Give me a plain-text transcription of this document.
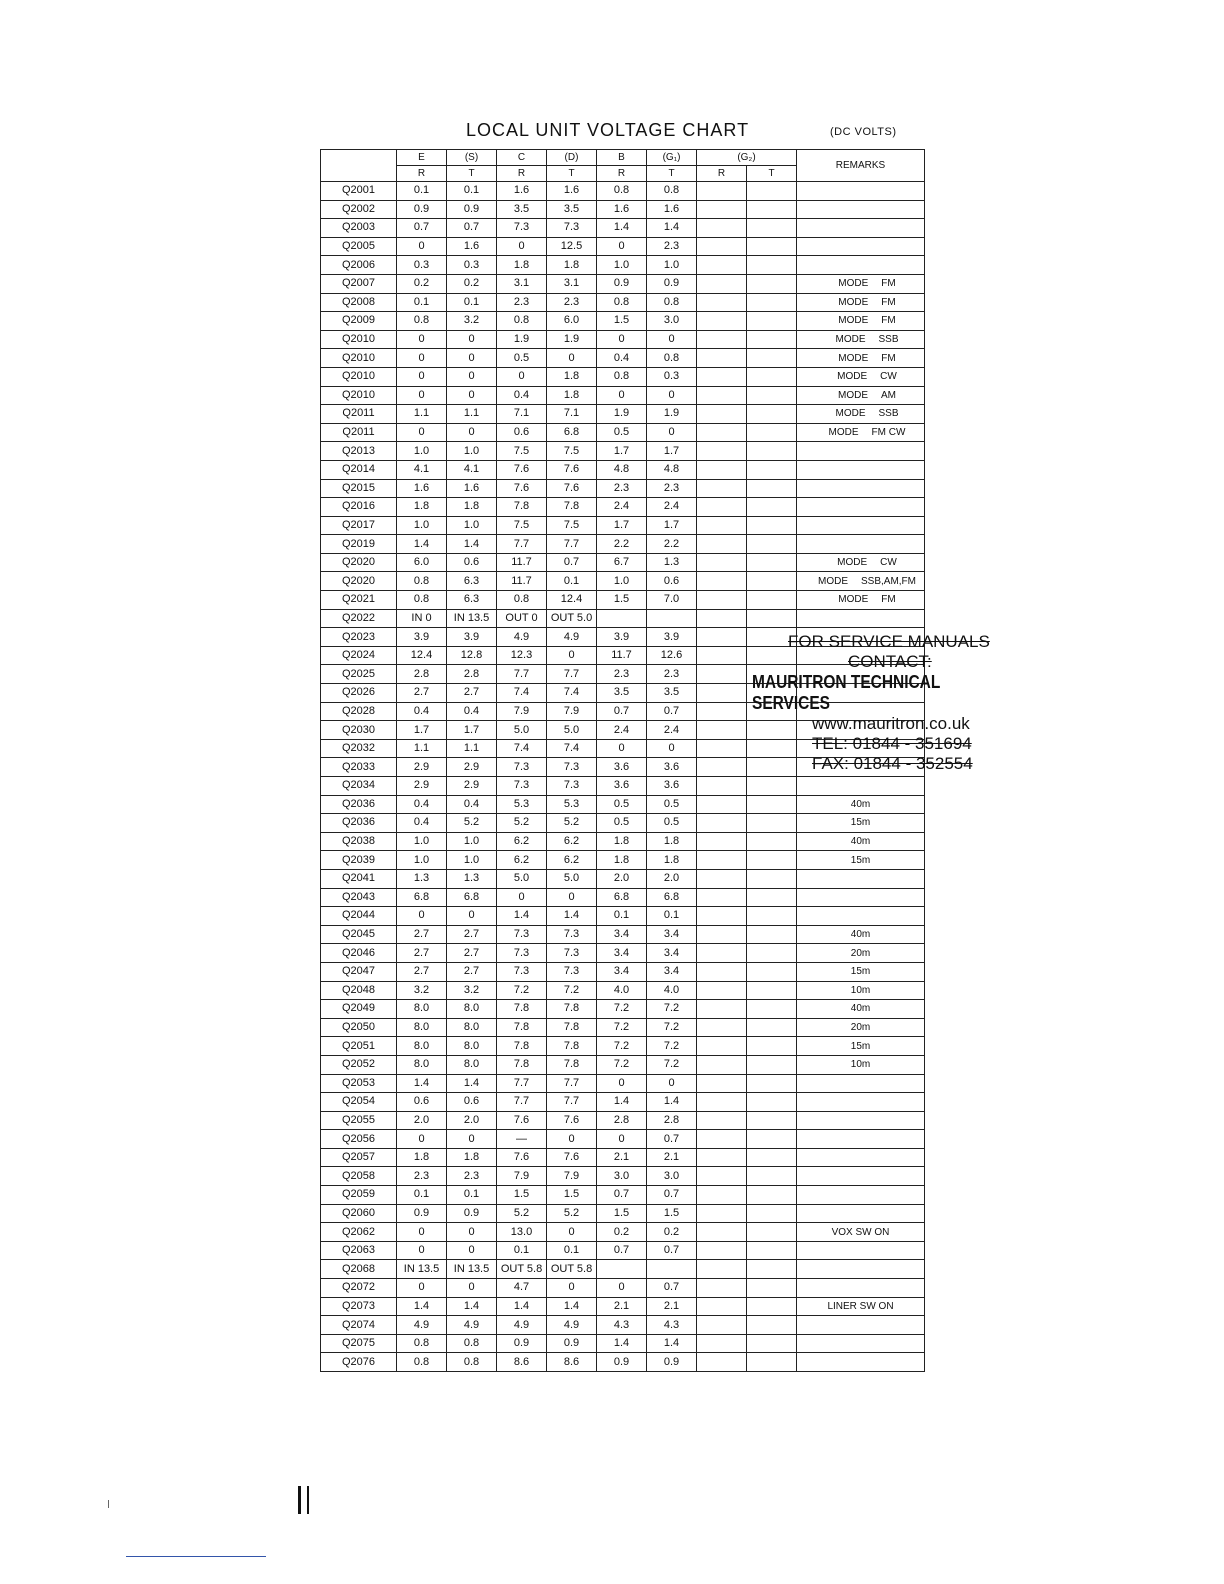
LOCAL UNIT VOLTAGE CHART	(DC VOLTS)
	E	(S)	C	(D)	B	(G₁)	(G₂)		REMARKS
	R	T	R	T	R	T	R	T	
Q2001	0.1	0.1	1.6	1.6	0.8	0.8			
Q2002	0.9	0.9	3.5	3.5	1.6	1.6			
Q2003	0.7	0.7	7.3	7.3	1.4	1.4			
Q2005	0	1.6	0	12.5	0	2.3			
Q2006	0.3	0.3	1.8	1.8	1.0	1.0			
Q2007	0.2	0.2	3.1	3.1	0.9	0.9			MODE FM
Q2008	0.1	0.1	2.3	2.3	0.8	0.8			MODE FM
Q2009	0.8	3.2	0.8	6.0	1.5	3.0			MODE FM
Q2010	0	0	1.9	1.9	0	0			MODE SSB
Q2010	0	0	0.5	0	0.4	0.8			MODE FM
Q2010	0	0	0	1.8	0.8	0.3			MODE CW
Q2010	0	0	0.4	1.8	0	0			MODE AM
Q2011	1.1	1.1	7.1	7.1	1.9	1.9			MODE SSB
Q2011	0	0	0.6	6.8	0.5	0			MODE FM CW
Q2013	1.0	1.0	7.5	7.5	1.7	1.7			
Q2014	4.1	4.1	7.6	7.6	4.8	4.8			
Q2015	1.6	1.6	7.6	7.6	2.3	2.3			
Q2016	1.8	1.8	7.8	7.8	2.4	2.4			
Q2017	1.0	1.0	7.5	7.5	1.7	1.7			
Q2019	1.4	1.4	7.7	7.7	2.2	2.2			
Q2020	6.0	0.6	11.7	0.7	6.7	1.3			MODE CW
Q2020	0.8	6.3	11.7	0.1	1.0	0.6			MODE SSB,AM,FM
Q2021	0.8	6.3	0.8	12.4	1.5	7.0			MODE FM
Q2022	IN 0	IN 13.5	OUT 0	OUT 5.0					
Q2023	3.9	3.9	4.9	4.9	3.9	3.9			
Q2024	12.4	12.8	12.3	0	11.7	12.6			
Q2025	2.8	2.8	7.7	7.7	2.3	2.3			
Q2026	2.7	2.7	7.4	7.4	3.5	3.5			
Q2028	0.4	0.4	7.9	7.9	0.7	0.7			
Q2030	1.7	1.7	5.0	5.0	2.4	2.4			
Q2032	1.1	1.1	7.4	7.4	0	0			
Q2033	2.9	2.9	7.3	7.3	3.6	3.6			
Q2034	2.9	2.9	7.3	7.3	3.6	3.6			
Q2036	0.4	0.4	5.3	5.3	0.5	0.5			40m
Q2036	0.4	5.2	5.2	5.2	0.5	0.5			15m
Q2038	1.0	1.0	6.2	6.2	1.8	1.8			40m
Q2039	1.0	1.0	6.2	6.2	1.8	1.8			15m
Q2041	1.3	1.3	5.0	5.0	2.0	2.0			
Q2043	6.8	6.8	0	0	6.8	6.8			
Q2044	0	0	1.4	1.4	0.1	0.1			
Q2045	2.7	2.7	7.3	7.3	3.4	3.4			40m
Q2046	2.7	2.7	7.3	7.3	3.4	3.4			20m
Q2047	2.7	2.7	7.3	7.3	3.4	3.4			15m
Q2048	3.2	3.2	7.2	7.2	4.0	4.0			10m
Q2049	8.0	8.0	7.8	7.8	7.2	7.2			40m
Q2050	8.0	8.0	7.8	7.8	7.2	7.2			20m
Q2051	8.0	8.0	7.8	7.8	7.2	7.2			15m
Q2052	8.0	8.0	7.8	7.8	7.2	7.2			10m
Q2053	1.4	1.4	7.7	7.7	0	0			
Q2054	0.6	0.6	7.7	7.7	1.4	1.4			
Q2055	2.0	2.0	7.6	7.6	2.8	2.8			
Q2056	0	0	—	0	0	0.7			
Q2057	1.8	1.8	7.6	7.6	2.1	2.1			
Q2058	2.3	2.3	7.9	7.9	3.0	3.0			
Q2059	0.1	0.1	1.5	1.5	0.7	0.7			
Q2060	0.9	0.9	5.2	5.2	1.5	1.5			
Q2062	0	0	13.0	0	0.2	0.2			VOX SW ON
Q2063	0	0	0.1	0.1	0.7	0.7			
Q2068	IN 13.5	IN 13.5	OUT 5.8	OUT 5.8					
Q2072	0	0	4.7	0	0	0.7			
Q2073	1.4	1.4	1.4	1.4	2.1	2.1			LINER SW ON
Q2074	4.9	4.9	4.9	4.9	4.3	4.3			
Q2075	0.8	0.8	0.9	0.9	1.4	1.4			
Q2076	0.8	0.8	8.6	8.6	0.9	0.9			
FOR SERVICE MANUALS
CONTACT:
MAURITRON TECHNICAL SERVICES
www.mauritron.co.uk
TEL: 01844 - 351694
FAX: 01844 - 352554
